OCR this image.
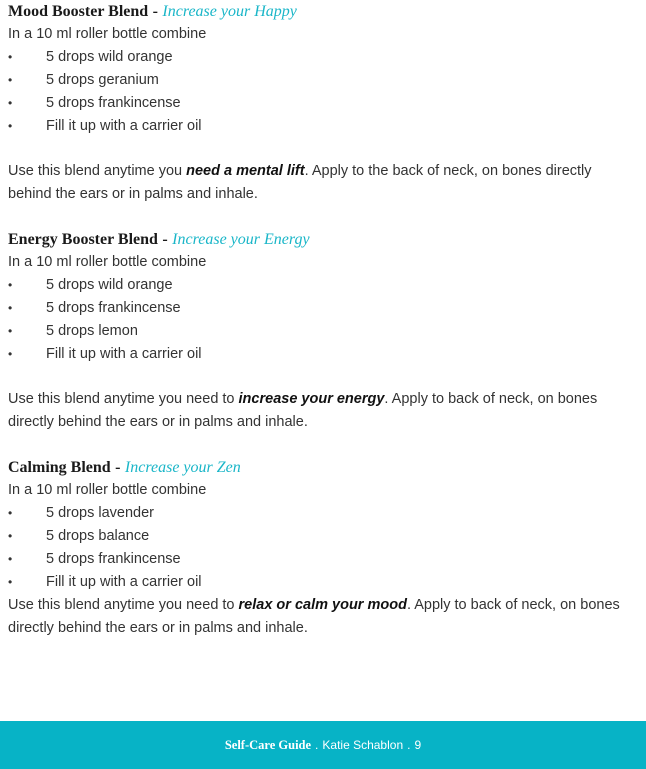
Mood Booster Blend - Increase your Happy
In a 10 ml roller bottle combine
• 5 drops wild orange
• 5 drops geranium
• 5 drops frankincense
• Fill it up with a carrier oil

Use this blend anytime you need a mental lift. Apply to the back of neck, on bones directly behind the ears or in palms and inhale.

Energy Booster Blend - Increase your Energy
In a 10 ml roller bottle combine
• 5 drops wild orange
• 5 drops frankincense
• 5 drops lemon
• Fill it up with a carrier oil

Use this blend anytime you need to increase your energy. Apply to back of neck, on bones directly behind the ears or in palms and inhale.

Calming Blend - Increase your Zen
In a 10 ml roller bottle combine
• 5 drops lavender
• 5 drops balance
• 5 drops frankincense
• Fill it up with a carrier oil

Use this blend anytime you need to relax or calm your mood. Apply to back of neck, on bones directly behind the ears or in palms and inhale.

Self-Care Guide . Katie Schablon . 9
